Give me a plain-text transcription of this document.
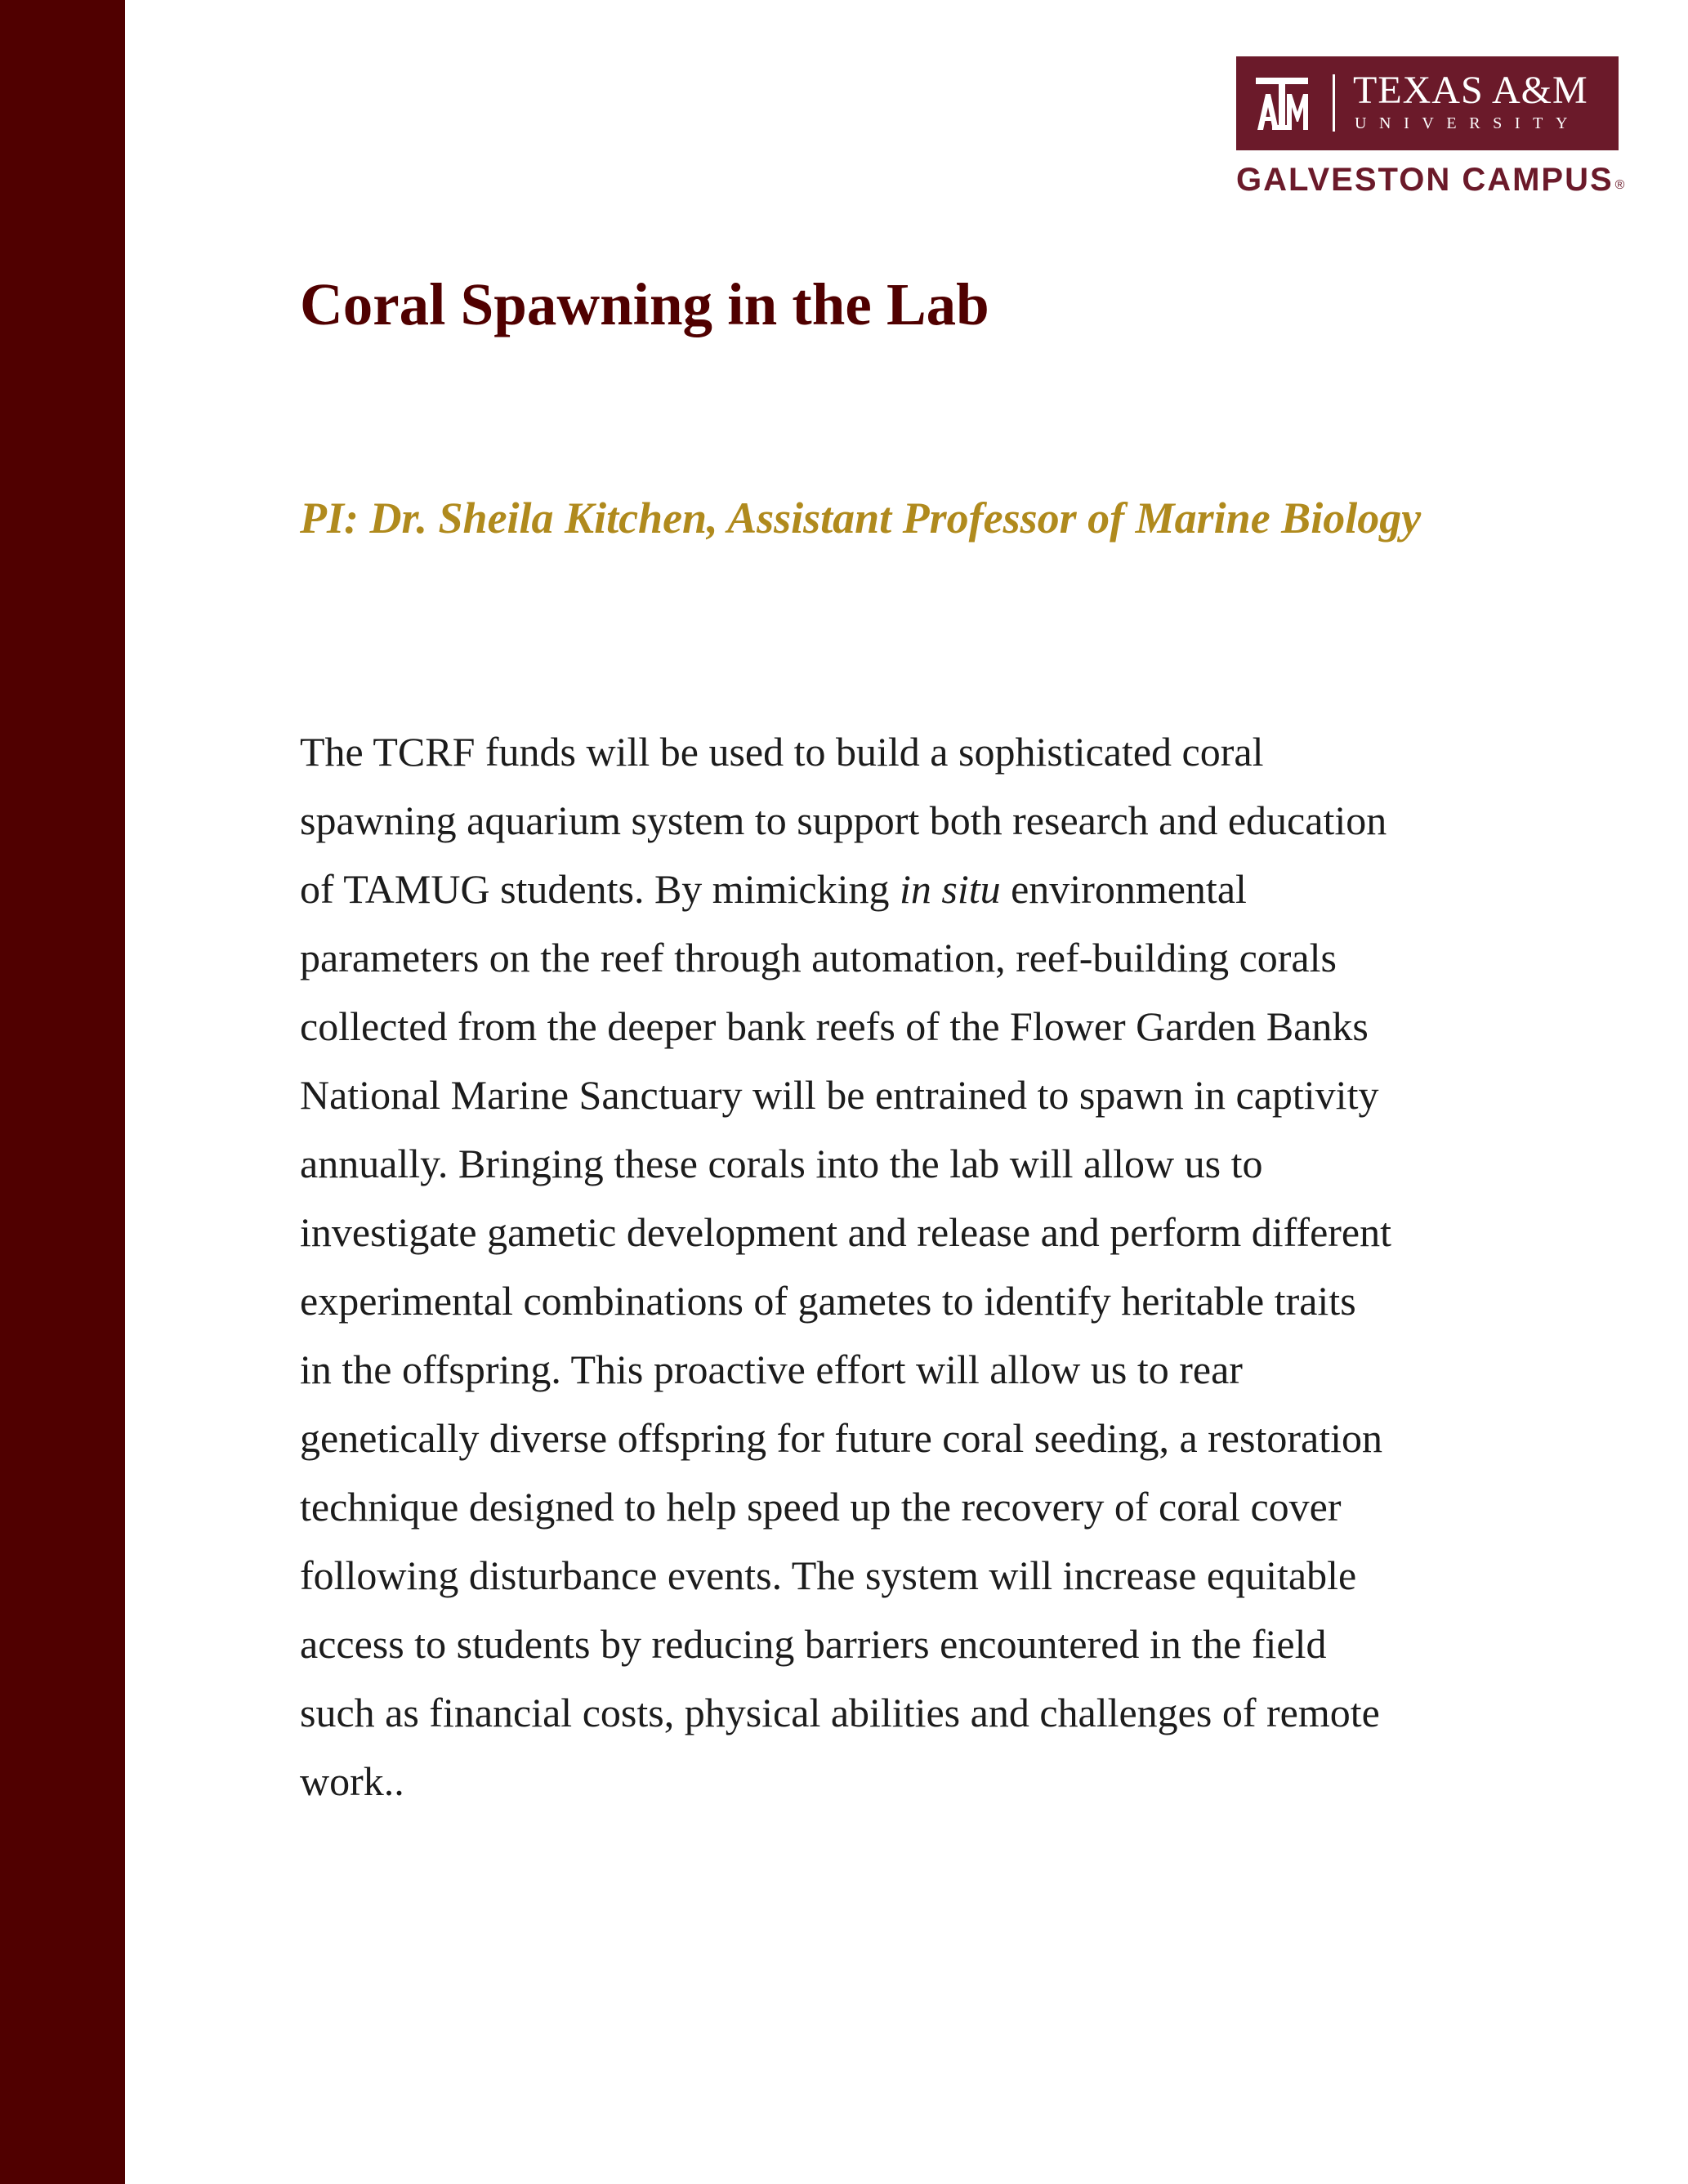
TEXAS A&M
UNIVERSITY
GALVESTON CAMPUS ®
Coral Spawning in the Lab

PI: Dr. Sheila Kitchen, Assistant Professor of Marine Biology

The TCRF funds will be used to build a sophisticated coral spawning aquarium system to support both research and education of TAMUG students. By mimicking in situ environmental parameters on the reef through automation, reef-building corals collected from the deeper bank reefs of the Flower Garden Banks National Marine Sanctuary will be entrained to spawn in captivity annually. Bringing these corals into the lab will allow us to investigate gametic development and release and perform different experimental combinations of gametes to identify heritable traits in the offspring. This proactive effort will allow us to rear genetically diverse offspring for future coral seeding, a restoration technique designed to help speed up the recovery of coral cover following disturbance events. The system will increase equitable access to students by reducing barriers encountered in the field such as financial costs, physical abilities and challenges of remote work..
